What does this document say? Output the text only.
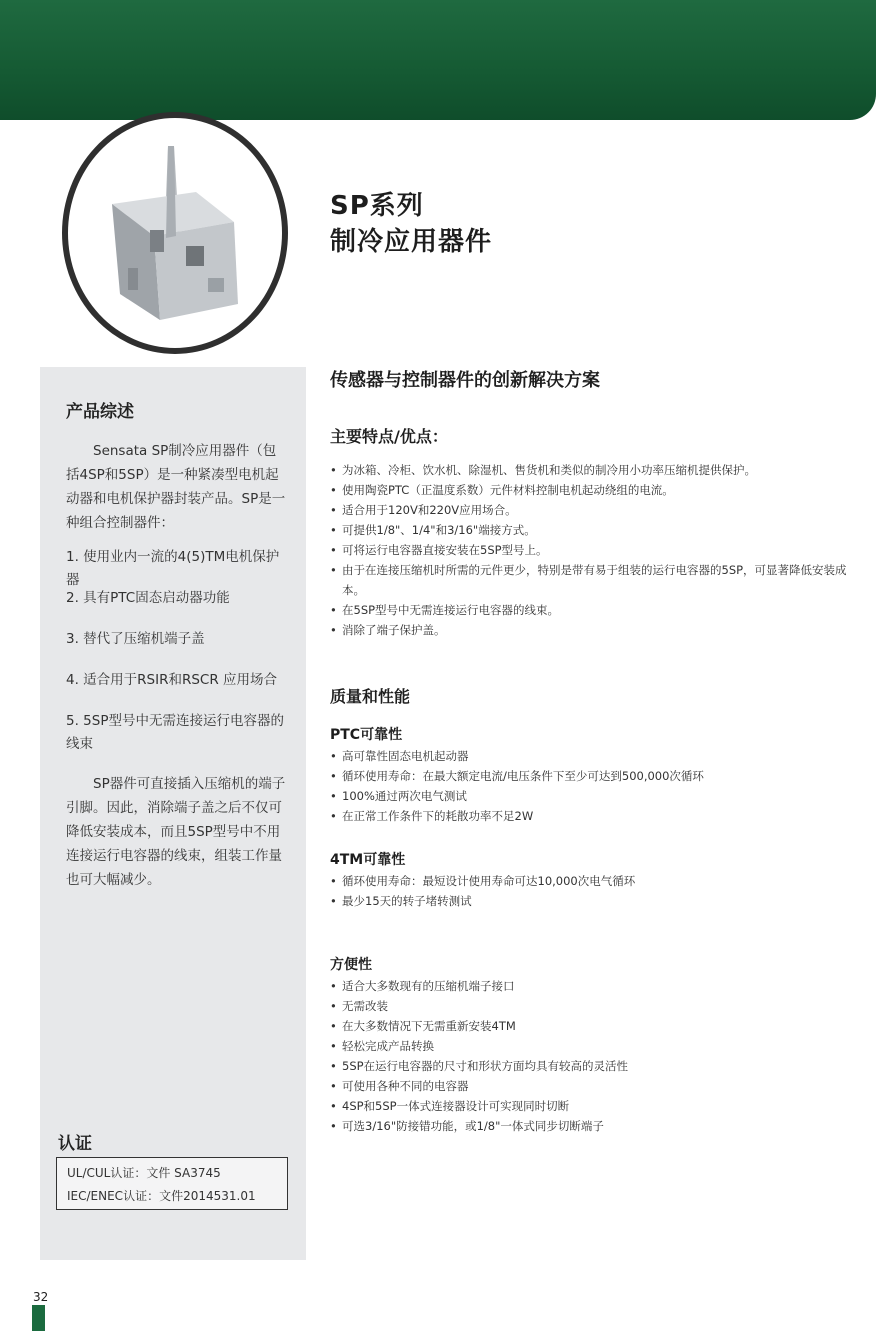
SP系列
制冷应用器件
产品综述
Sensata SP制冷应用器件（包括4SP和5SP）是一种紧凑型电机起动器和电机保护器封装产品。SP是一种组合控制器件：
1. 使用业内一流的4(5)TM电机保护器
2. 具有PTC固态启动器功能
3. 替代了压缩机端子盖
4. 适合用于RSIR和RSCR 应用场合
5. 5SP型号中无需连接运行电容器的线束
SP器件可直接插入压缩机的端子引脚。因此，消除端子盖之后不仅可降低安装成本，而且5SP型号中不用连接运行电容器的线束，组装工作量也可大幅减少。
认证
UL/CUL认证：文件 SA3745
IEC/ENEC认证：文件2014531.01
传感器与控制器件的创新解决方案
主要特点/优点：
• 为冰箱、冷柜、饮水机、除湿机、售货机和类似的制冷用小功率压缩机提供保护。
• 使用陶瓷PTC（正温度系数）元件材料控制电机起动绕组的电流。
• 适合用于120V和220V应用场合。
• 可提供1/8"、1/4"和3/16"端接方式。
• 可将运行电容器直接安装在5SP型号上。
• 由于在连接压缩机时所需的元件更少，特别是带有易于组装的运行电容器的5SP，可显著降低安装成本。
• 在5SP型号中无需连接运行电容器的线束。
• 消除了端子保护盖。
质量和性能
PTC可靠性
• 高可靠性固态电机起动器
• 循环使用寿命：在最大额定电流/电压条件下至少可达到500,000次循环
• 100%通过两次电气测试
• 在正常工作条件下的耗散功率不足2W
4TM可靠性
• 循环使用寿命：最短设计使用寿命可达10,000次电气循环
• 最少15天的转子堵转测试
方便性
• 适合大多数现有的压缩机端子接口
• 无需改装
• 在大多数情况下无需重新安装4TM
• 轻松完成产品转换
• 5SP在运行电容器的尺寸和形状方面均具有较高的灵活性
• 可使用各种不同的电容器
• 4SP和5SP一体式连接器设计可实现同时切断
• 可选3/16"防接错功能，或1/8"一体式同步切断端子
32
